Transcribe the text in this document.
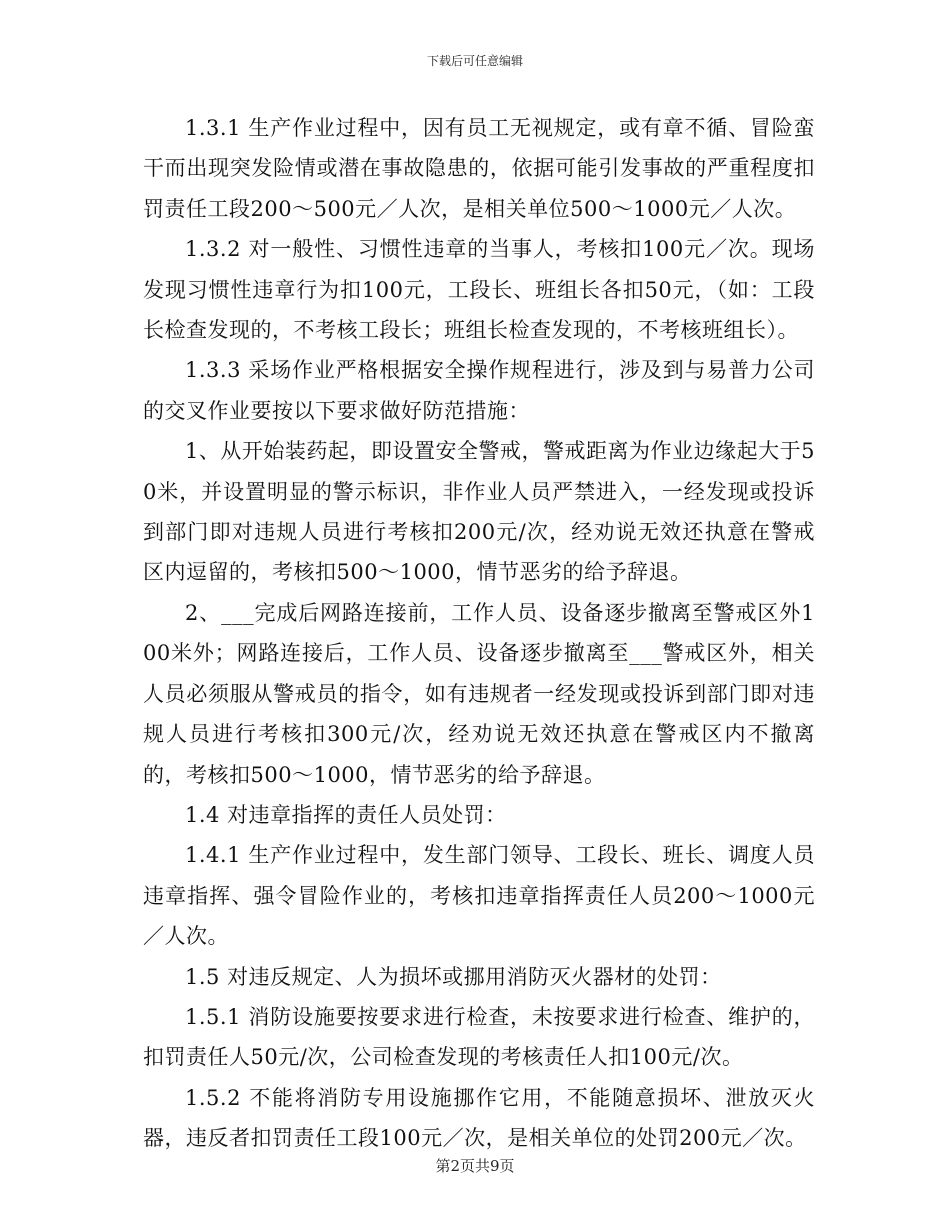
下载后可任意编辑

1.3.1 生产作业过程中，因有员工无视规定，或有章不循、冒险蛮干而出现突发险情或潜在事故隐患的，依据可能引发事故的严重程度扣罚责任工段200～500元／人次，是相关单位500～1000元／人次。

1.3.2 对一般性、习惯性违章的当事人，考核扣100元／次。现场发现习惯性违章行为扣100元，工段长、班组长各扣50元，（如：工段长检查发现的，不考核工段长；班组长检查发现的，不考核班组长）。

1.3.3 采场作业严格根据安全操作规程进行，涉及到与易普力公司的交叉作业要按以下要求做好防范措施：

1、从开始装药起，即设置安全警戒，警戒距离为作业边缘起大于50米，并设置明显的警示标识，非作业人员严禁进入，一经发现或投诉到部门即对违规人员进行考核扣200元/次，经劝说无效还执意在警戒区内逗留的，考核扣500～1000，情节恶劣的给予辞退。

2、___完成后网路连接前，工作人员、设备逐步撤离至警戒区外100米外；网路连接后，工作人员、设备逐步撤离至___警戒区外，相关人员必须服从警戒员的指令，如有违规者一经发现或投诉到部门即对违规人员进行考核扣300元/次，经劝说无效还执意在警戒区内不撤离的，考核扣500～1000，情节恶劣的给予辞退。

1.4 对违章指挥的责任人员处罚：

1.4.1 生产作业过程中，发生部门领导、工段长、班长、调度人员违章指挥、强令冒险作业的，考核扣违章指挥责任人员200～1000元／人次。

1.5 对违反规定、人为损坏或挪用消防灭火器材的处罚：

1.5.1 消防设施要按要求进行检查，未按要求进行检查、维护的，扣罚责任人50元/次，公司检查发现的考核责任人扣100元/次。

1.5.2 不能将消防专用设施挪作它用，不能随意损坏、泄放灭火器，违反者扣罚责任工段100元／次，是相关单位的处罚200元／次。

第2页共9页
